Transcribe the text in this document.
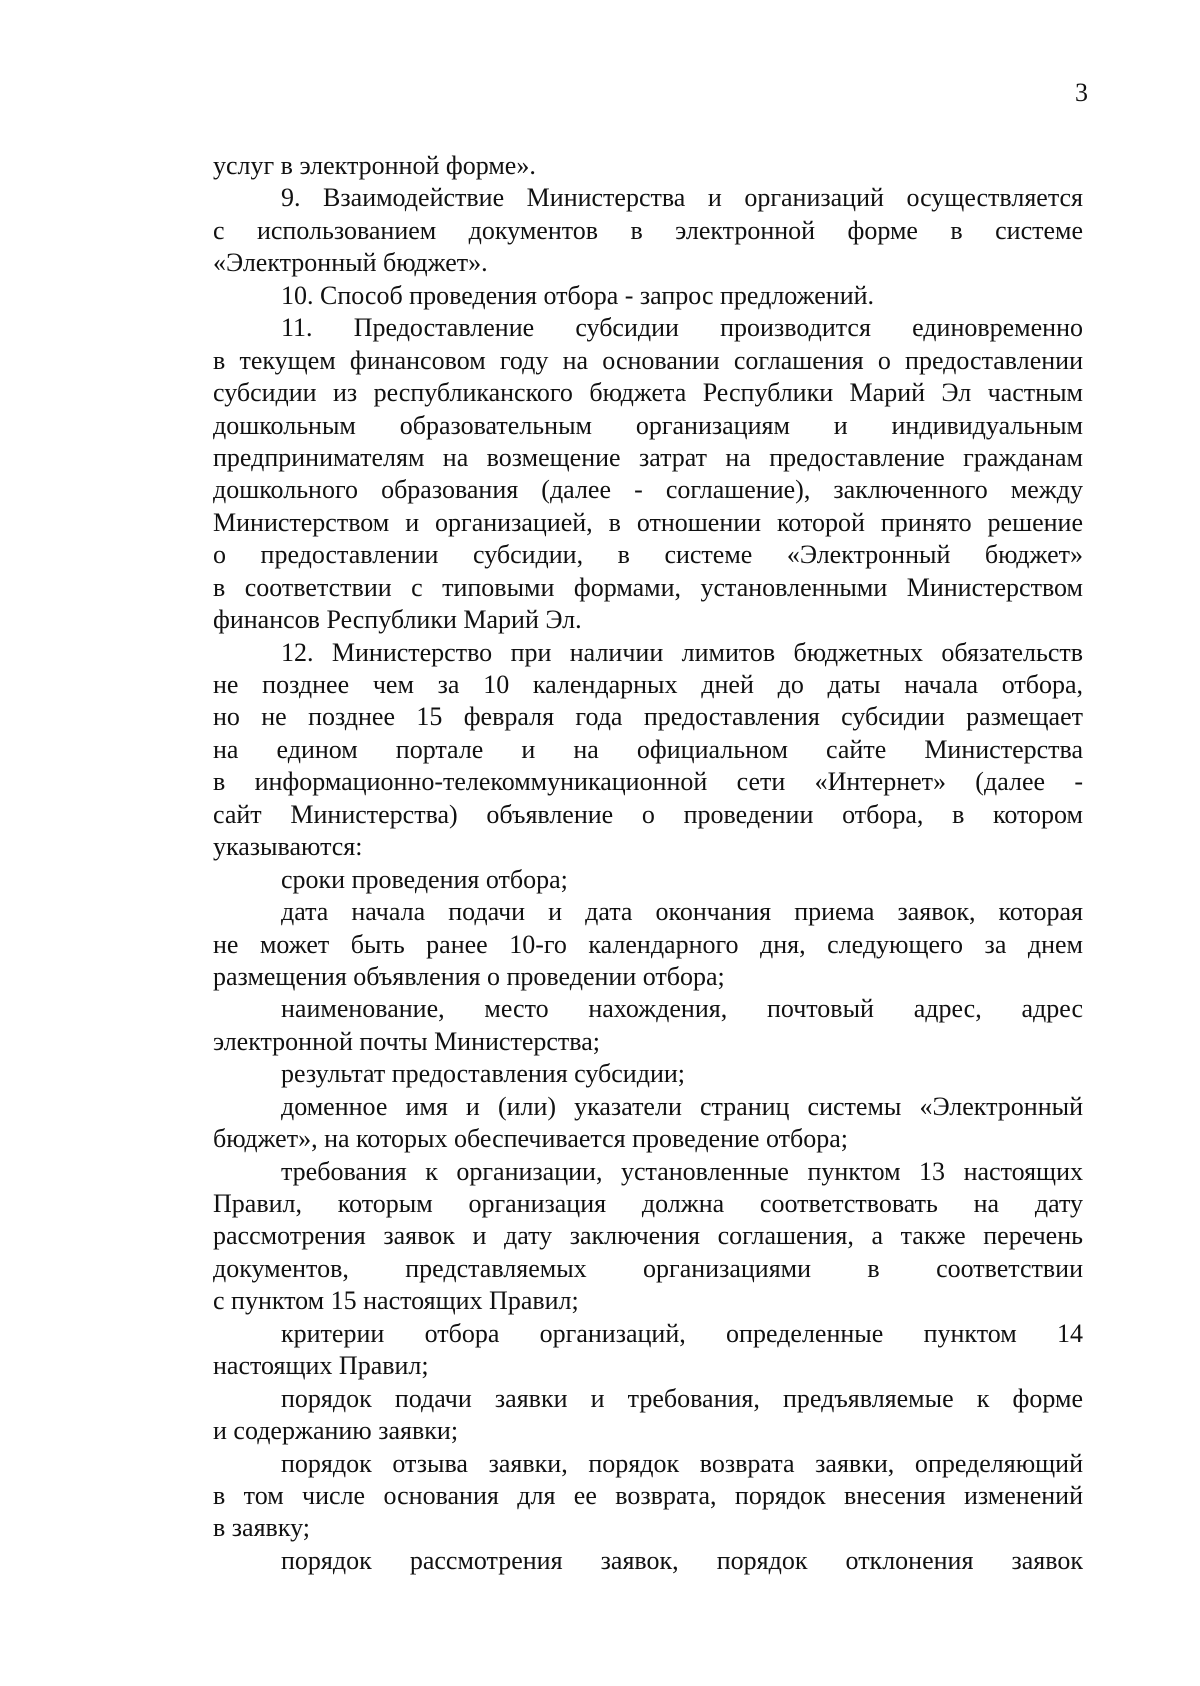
3
услуг в электронной форме».
9. Взаимодействие Министерства и организаций осуществляется
с использованием документов в электронной форме в системе
«Электронный бюджет».
10. Способ проведения отбора - запрос предложений.
11. Предоставление субсидии производится единовременно
в текущем финансовом году на основании соглашения о предоставлении
субсидии из республиканского бюджета Республики Марий Эл частным
дошкольным образовательным организациям и индивидуальным
предпринимателям на возмещение затрат на предоставление гражданам
дошкольного образования (далее - соглашение), заключенного между
Министерством и организацией, в отношении которой принято решение
о предоставлении субсидии, в системе «Электронный бюджет»
в соответствии с типовыми формами, установленными Министерством
финансов Республики Марий Эл.
12. Министерство при наличии лимитов бюджетных обязательств
не позднее чем за 10 календарных дней до даты начала отбора,
но не позднее 15 февраля года предоставления субсидии размещает
на едином портале и на официальном сайте Министерства
в информационно-телекоммуникационной сети «Интернет» (далее -
сайт Министерства) объявление о проведении отбора, в котором
указываются:
сроки проведения отбора;
дата начала подачи и дата окончания приема заявок, которая
не может быть ранее 10-го календарного дня, следующего за днем
размещения объявления о проведении отбора;
наименование, место нахождения, почтовый адрес, адрес
электронной почты Министерства;
результат предоставления субсидии;
доменное имя и (или) указатели страниц системы «Электронный
бюджет», на которых обеспечивается проведение отбора;
требования к организации, установленные пунктом 13 настоящих
Правил, которым организация должна соответствовать на дату
рассмотрения заявок и дату заключения соглашения, а также перечень
документов, представляемых организациями в соответствии
с пунктом 15 настоящих Правил;
критерии отбора организаций, определенные пунктом 14
настоящих Правил;
порядок подачи заявки и требования, предъявляемые к форме
и содержанию заявки;
порядок отзыва заявки, порядок возврата заявки, определяющий
в том числе основания для ее возврата, порядок внесения изменений
в заявку;
порядок рассмотрения заявок, порядок отклонения заявок
